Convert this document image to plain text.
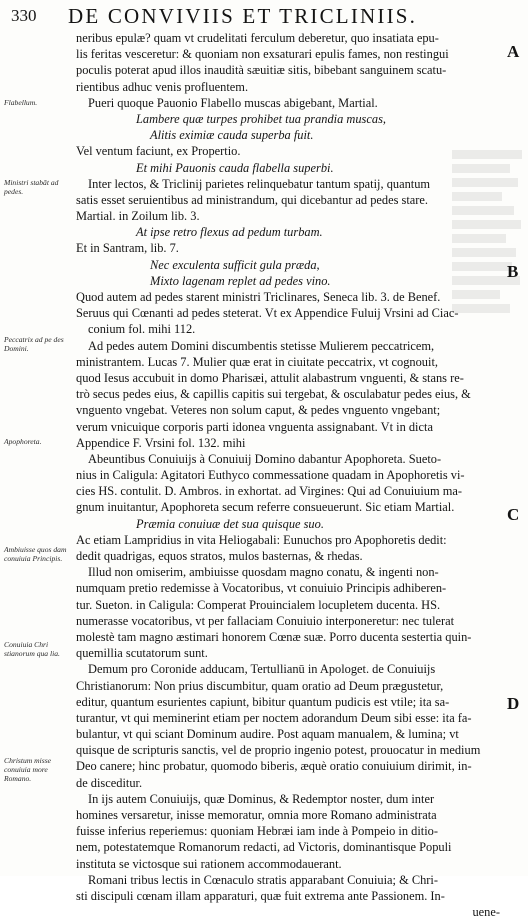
330 DE CONVIVIIS ET TRICLINIIS.
Flabellum.
Ministri stabāt ad pedes.
Peccatrix ad pe des Domini.
Apophoreta.
Ambiuisse quos dam conuiuia Principis.
Conuiuia Chri stianorum qua lia.
Christum misse conuiuia more Romano.
A
B
C
D
neribus epulæ? quam vt crudelitati ferculum deberetur, quo insatiata epu-
lis feritas vesceretur: & quoniam non exsaturari epulis fames, non restingui
poculis poterat apud illos inaudità sæuitiæ sitis, bibebant sanguinem scatu-
rientibus adhuc venis profluentem.
Pueri quoque Pauonio Flabello muscas abigebant, Martial.
Lambere quæ turpes prohibet tua prandia muscas,
Alitis eximiæ cauda superba fuit.
Vel ventum faciunt, ex Propertio.
Et mihi Pauonis cauda flabella superbi.
Inter lectos, & Triclinij parietes relinquebatur tantum spatij, quantum
satis esset seruientibus ad ministrandum, qui dicebantur ad pedes stare.
Martial. in Zoilum lib. 3.
At ipse retro flexus ad pedum turbam.
Et in Santram, lib. 7.
Nec exculenta sufficit gula præda,
Mixto lagenam replet ad pedes vino.
Quod autem ad pedes starent ministri Triclinares, Seneca lib. 3. de Benef.
Seruus qui Cœnanti ad pedes steterat. Vt ex Appendice Fuluij Vrsini ad Ciac-
conium fol. mihi 112.
Ad pedes autem Domini discumbentis stetisse Mulierem peccatricem,
ministrantem. Lucas 7. Mulier quæ erat in ciuitate peccatrix, vt cognouit,
quod Iesus accubuit in domo Pharisæi, attulit alabastrum vnguenti, & stans re-
trò secus pedes eius, & capillis capitis sui tergebat, & osculabatur pedes eius, &
vnguento vngebat. Veteres non solum caput, & pedes vnguento vngebant;
verum vnicuique corporis parti idonea vnguenta assignabant. Vt in dicta
Appendice F. Vrsini fol. 132. mihi
Abeuntibus Conuiuijs à Conuiuij Domino dabantur Apophoreta. Sueto-
nius in Caligula: Agitatori Euthyco commessatione quadam in Apophoretis vi-
cies HS. contulit. D. Ambros. in exhortat. ad Virgines: Qui ad Conuiuium ma-
gnum inuitantur, Apophoreta secum referre consueuerunt. Sic etiam Martial.
Præmia conuiuæ det sua quisque suo.
Ac etiam Lampridius in vita Heliogabali: Eunuchos pro Apophoretis dedit:
dedit quadrigas, equos stratos, mulos basternas, & rhedas.
Illud non omiserim, ambiuisse quosdam magno conatu, & ingenti non-
numquam pretio redemisse à Vocatoribus, vt conuiuio Principis adhiberen-
tur. Sueton. in Caligula: Comperat Prouincialem locupletem ducenta. HS.
numerasse vocatoribus, vt per fallaciam Conuiuio interponeretur: nec tulerat
molestè tam magno æstimari honorem Cœnæ suæ. Porro ducenta sestertia quin-
quemillia scutatorum sunt.
Demum pro Coronide adducam, Tertullianū in Apologet. de Conuiuijs
Christianorum: Non prius discumbitur, quam oratio ad Deum prægustetur,
editur, quantum esurientes capiunt, bibitur quantum pudicis est vtile; ita sa-
turantur, vt qui meminerint etiam per noctem adorandum Deum sibi esse: ita fa-
bulantur, vt qui sciant Dominum audire. Post aquam manualem, & lumina; vt
quisque de scripturis sanctis, vel de proprio ingenio potest, prouocatur in medium
Deo canere; hinc probatur, quomodo biberis, æquè oratio conuiuium dirimit, in-
de disceditur.
In ijs autem Conuiuijs, quæ Dominus, & Redemptor noster, dum inter
homines versaretur, inisse memoratur, omnia more Romano administrata
fuisse inferius reperiemus: quoniam Hebræi iam inde à Pompeio in ditio-
nem, potestatemque Romanorum redacti, ad Victoris, dominantisque Populi
instituta se victosque sui rationem accommodauerant.
Romani tribus lectis in Cœnaculo stratis apparabant Conuiuia; & Chri-
sti discipuli cœnam illam apparaturi, quæ fuit extrema ante Passionem. In-
uene-
